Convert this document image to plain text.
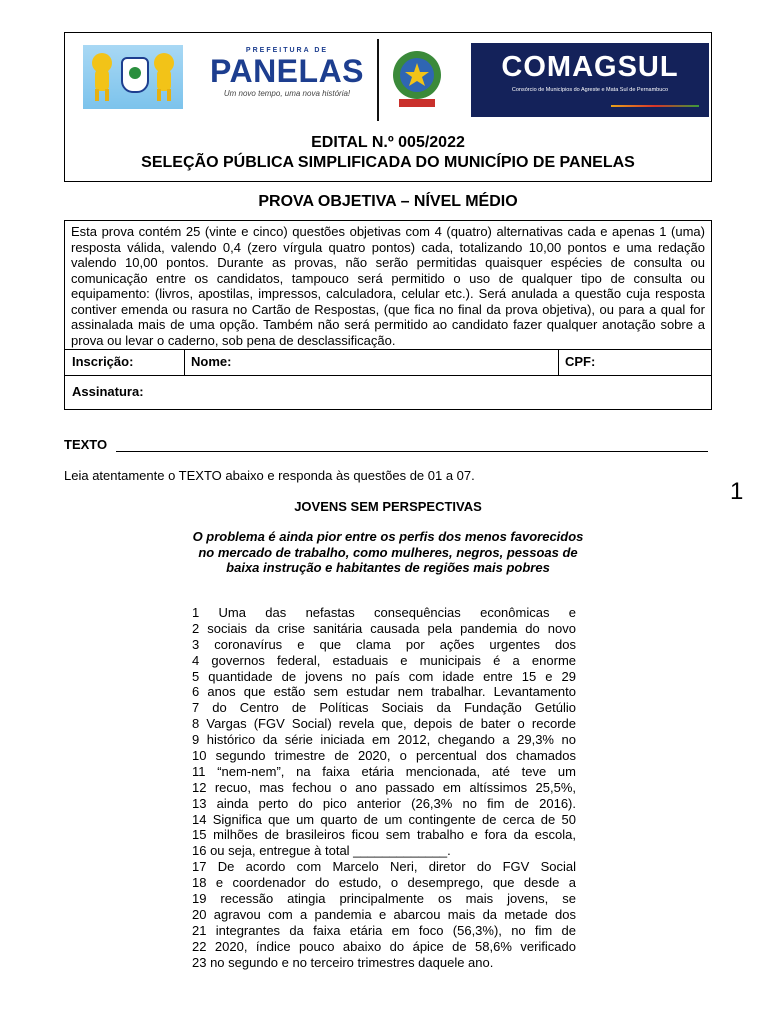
PREFEITURA DE
PANELAS
Um novo tempo, uma nova história!
COMAGSUL
Consórcio de Municípios do Agreste e Mata Sul de Pernambuco
EDITAL N.º 005/2022
SELEÇÃO PÚBLICA SIMPLIFICADA DO MUNICÍPIO DE PANELAS
PROVA OBJETIVA – NÍVEL MÉDIO
Esta prova contém 25 (vinte e cinco) questões objetivas com 4 (quatro) alternativas cada e apenas 1 (uma) resposta válida, valendo 0,4 (zero vírgula quatro pontos) cada, totalizando 10,00 pontos e uma redação valendo 10,00 pontos. Durante as provas, não serão permitidas quaisquer espécies de consulta ou comunicação entre os candidatos, tampouco será permitido o uso de qualquer tipo de consulta ou equipamento: (livros, apostilas, impressos, calculadora, celular etc.). Será anulada a questão cuja resposta contiver emenda ou rasura no Cartão de Respostas, (que fica no final da prova objetiva), ou para a qual for assinalada mais de uma opção. Também não será permitido ao candidato fazer qualquer anotação sobre a prova ou levar o caderno, sob pena de desclassificação.
Inscrição:	Nome:	CPF:
Assinatura:
TEXTO
Leia atentamente o TEXTO abaixo e responda às questões de 01 a 07.
1
JOVENS SEM PERSPECTIVAS
O problema é ainda pior entre os perfis dos menos favorecidos no mercado de trabalho, como mulheres, negros, pessoas de baixa instrução e habitantes de regiões mais pobres
1 Uma das nefastas consequências econômicas e
2 sociais da crise sanitária causada pela pandemia do novo
3 coronavírus e que clama por ações urgentes dos
4 governos federal, estaduais e municipais é a enorme
5 quantidade de jovens no país com idade entre 15 e 29
6 anos que estão sem estudar nem trabalhar. Levantamento
7 do Centro de Políticas Sociais da Fundação Getúlio
8 Vargas (FGV Social) revela que, depois de bater o recorde
9 histórico da série iniciada em 2012, chegando a 29,3% no
10 segundo trimestre de 2020, o percentual dos chamados
11 “nem-nem”, na faixa etária mencionada, até teve um
12 recuo, mas fechou o ano passado em altíssimos 25,5%,
13 ainda perto do pico anterior (26,3% no fim de 2016).
14 Significa que um quarto de um contingente de cerca de 50
15 milhões de brasileiros ficou sem trabalho e fora da escola,
16 ou seja, entregue à total _____________.
17 De acordo com Marcelo Neri, diretor do FGV Social
18 e coordenador do estudo, o desemprego, que desde a
19 recessão atingia principalmente os mais jovens, se
20 agravou com a pandemia e abarcou mais da metade dos
21 integrantes da faixa etária em foco (56,3%), no fim de
22 2020, índice pouco abaixo do ápice de 58,6% verificado
23 no segundo e no terceiro trimestres daquele ano.
